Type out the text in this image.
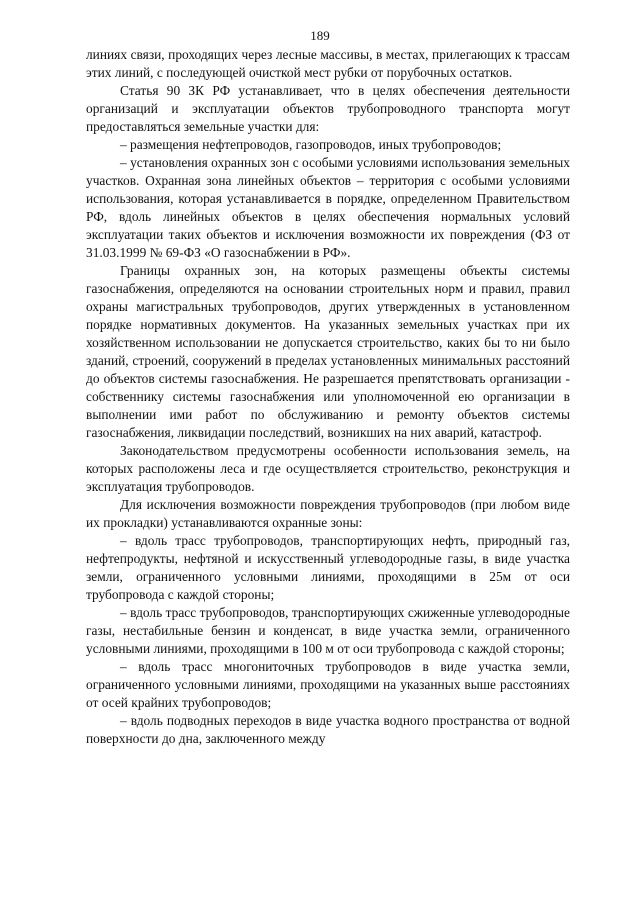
189

линиях связи, проходящих через лесные массивы, в местах, прилегающих к трассам этих линий, с последующей очисткой мест рубки от порубочных остатков.

Статья 90 ЗК РФ устанавливает, что в целях обеспечения деятельности организаций и эксплуатации объектов трубопроводного транспорта могут предоставляться земельные участки для:

– размещения нефтепроводов, газопроводов, иных трубопроводов;

– установления охранных зон с особыми условиями использования земельных участков. Охранная зона линейных объектов – территория с особыми условиями использования, которая устанавливается в порядке, определенном Правительством РФ, вдоль линейных объектов в целях обеспечения нормальных условий эксплуатации таких объектов и исключения возможности их повреждения (ФЗ от 31.03.1999 № 69-ФЗ «О газоснабжении в РФ».

Границы охранных зон, на которых размещены объекты системы газоснабжения, определяются на основании строительных норм и правил, правил охраны магистральных трубопроводов, других утвержденных в установленном порядке нормативных документов. На указанных земельных участках при их хозяйственном использовании не допускается строительство, каких бы то ни было зданий, строений, сооружений в пределах установленных минимальных расстояний до объектов системы газоснабжения. Не разрешается препятствовать организации - собственнику системы газоснабжения или уполномоченной ею организации в выполнении ими работ по обслуживанию и ремонту объектов системы газоснабжения, ликвидации последствий, возникших на них аварий, катастроф.

Законодательством предусмотрены особенности использования земель, на которых расположены леса и где осуществляется строительство, реконструкция и эксплуатация трубопроводов.

Для исключения возможности повреждения трубопроводов (при любом виде их прокладки) устанавливаются охранные зоны:

– вдоль трасс трубопроводов, транспортирующих нефть, природный газ, нефтепродукты, нефтяной и искусственный углеводородные газы, в виде участка земли, ограниченного условными линиями, проходящими в 25м от оси трубопровода с каждой стороны;

– вдоль трасс трубопроводов, транспортирующих сжиженные углеводородные газы, нестабильные бензин и конденсат, в виде участка земли, ограниченного условными линиями, проходящими в 100 м от оси трубопровода с каждой стороны;

– вдоль трасс многониточных трубопроводов в виде участка земли, ограниченного условными линиями, проходящими на указанных выше расстояниях от осей крайних трубопроводов;

– вдоль подводных переходов в виде участка водного пространства от водной поверхности до дна, заключенного между
